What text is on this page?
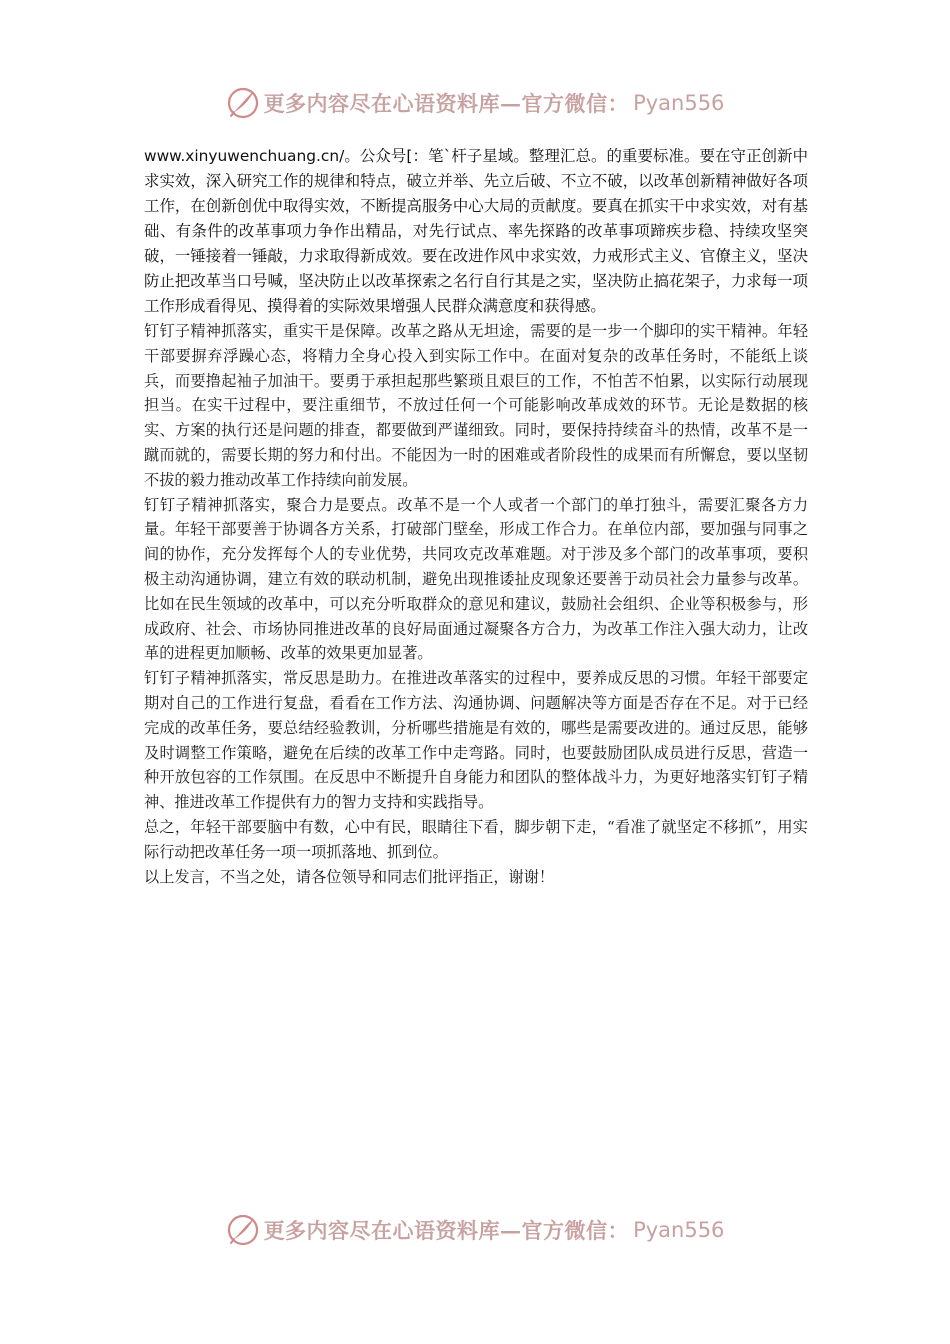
更多内容尽在心语资料库—官方微信： Pyan556

www.xinyuwenchuang.cn/。公众号[：笔`杆子星域。整理汇总。的重要标准。要在守正创新中求实效，深入研究工作的规律和特点，破立并举、先立后破、不立不破，以改革创新精神做好各项工作，在创新创优中取得实效，不断提高服务中心大局的贡献度。要真在抓实干中求实效，对有基础、有条件的改革事项力争作出精品，对先行试点、率先探路的改革事项蹄疾步稳、持续攻坚突破，一锤接着一锤敲，力求取得新成效。要在改进作风中求实效，力戒形式主义、官僚主义，坚决防止把改革当口号喊，坚决防止以改革探索之名行自行其是之实，坚决防止搞花架子，力求每一项工作形成看得见、摸得着的实际效果增强人民群众满意度和获得感。

钉钉子精神抓落实，重实干是保障。改革之路从无坦途，需要的是一步一个脚印的实干精神。年轻干部要摒弃浮躁心态，将精力全身心投入到实际工作中。在面对复杂的改革任务时，不能纸上谈兵，而要撸起袖子加油干。要勇于承担起那些繁琐且艰巨的工作，不怕苦不怕累，以实际行动展现担当。在实干过程中，要注重细节，不放过任何一个可能影响改革成效的环节。无论是数据的核实、方案的执行还是问题的排查，都要做到严谨细致。同时，要保持持续奋斗的热情，改革不是一蹴而就的，需要长期的努力和付出。不能因为一时的困难或者阶段性的成果而有所懈怠，要以坚韧不拔的毅力推动改革工作持续向前发展。

钉钉子精神抓落实，聚合力是要点。改革不是一个人或者一个部门的单打独斗，需要汇聚各方力量。年轻干部要善于协调各方关系，打破部门壁垒，形成工作合力。在单位内部，要加强与同事之间的协作，充分发挥每个人的专业优势，共同攻克改革难题。对于涉及多个部门的改革事项，要积极主动沟通协调，建立有效的联动机制，避免出现推诿扯皮现象还要善于动员社会力量参与改革。比如在民生领域的改革中，可以充分听取群众的意见和建议，鼓励社会组织、企业等积极参与，形成政府、社会、市场协同推进改革的良好局面通过凝聚各方合力，为改革工作注入强大动力，让改革的进程更加顺畅、改革的效果更加显著。

钉钉子精神抓落实，常反思是助力。在推进改革落实的过程中，要养成反思的习惯。年轻干部要定期对自己的工作进行复盘，看看在工作方法、沟通协调、问题解决等方面是否存在不足。对于已经完成的改革任务，要总结经验教训，分析哪些措施是有效的，哪些是需要改进的。通过反思，能够及时调整工作策略，避免在后续的改革工作中走弯路。同时，也要鼓励团队成员进行反思，营造一种开放包容的工作氛围。在反思中不断提升自身能力和团队的整体战斗力，为更好地落实钉钉子精神、推进改革工作提供有力的智力支持和实践指导。

总之，年轻干部要脑中有数，心中有民，眼睛往下看，脚步朝下走，“看准了就坚定不移抓”，用实际行动把改革任务一项一项抓落地、抓到位。

以上发言，不当之处，请各位领导和同志们批评指正，谢谢！

更多内容尽在心语资料库—官方微信： Pyan556
